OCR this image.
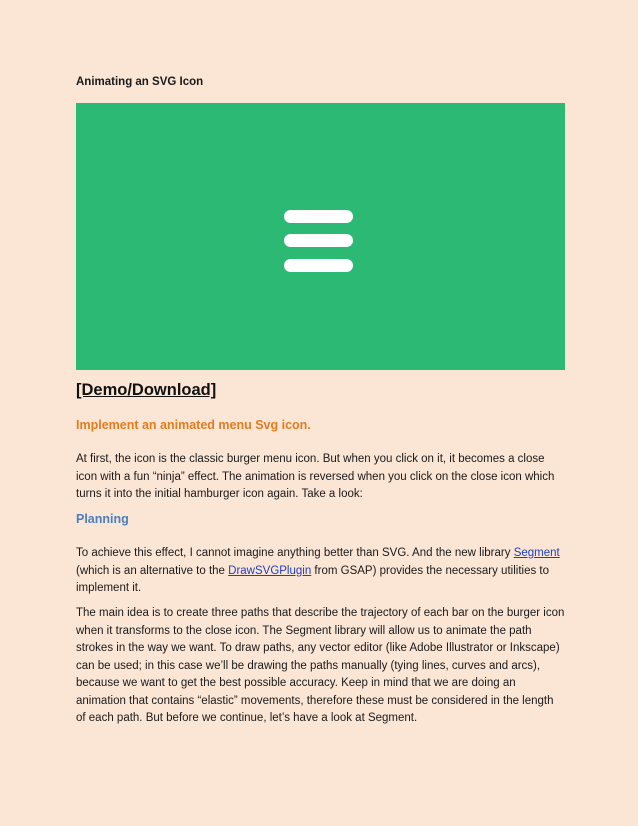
Animating an SVG Icon
[Demo/Download]
Implement an animated menu Svg icon.

At first, the icon is the classic burger menu icon. But when you click on it, it becomes a close icon with a fun “ninja” effect. The animation is reversed when you click on the close icon which turns it into the initial hamburger icon again. Take a look:

Planning

To achieve this effect, I cannot imagine anything better than SVG. And the new library Segment (which is an alternative to the DrawSVGPlugin from GSAP) provides the necessary utilities to implement it.

The main idea is to create three paths that describe the trajectory of each bar on the burger icon when it transforms to the close icon. The Segment library will allow us to animate the path strokes in the way we want. To draw paths, any vector editor (like Adobe Illustrator or Inkscape) can be used; in this case we’ll be drawing the paths manually (tying lines, curves and arcs), because we want to get the best possible accuracy. Keep in mind that we are doing an animation that contains “elastic” movements, therefore these must be considered in the length of each path. But before we continue, let’s have a look at Segment.
